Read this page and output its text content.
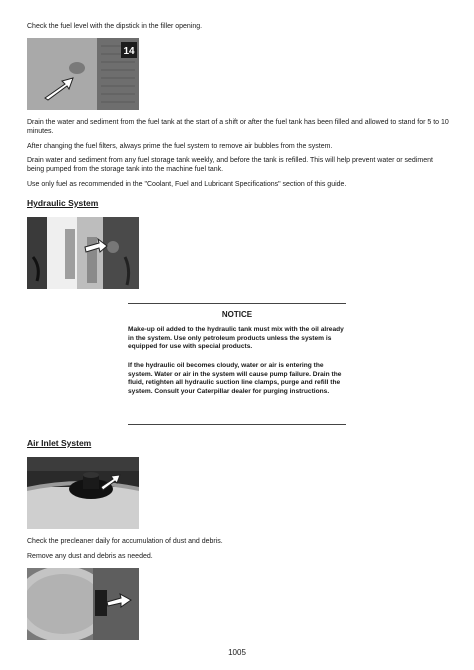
Check the fuel level with the dipstick in the filler opening.

14

Drain the water and sediment from the fuel tank at the start of a shift or after the fuel tank has been filled and allowed to stand for 5 to 10 minutes.

After changing the fuel filters, always prime the fuel system to remove air bubbles from the system.

Drain water and sediment from any fuel storage tank weekly, and before the tank is refilled. This will help prevent water or sediment being pumped from the storage tank into the machine fuel tank.

Use only fuel as recommended in the "Coolant, Fuel and Lubricant Specifications" section of this guide.

Hydraulic System

NOTICE

Make-up oil added to the hydraulic tank must mix with the oil already in the system. Use only petroleum products unless the system is equipped for use with special products.

If the hydraulic oil becomes cloudy, water or air is entering the system. Water or air in the system will cause pump failure. Drain the fluid, retighten all hydraulic suction line clamps, purge and refill the system. Consult your Caterpillar dealer for purging instructions.

Air Inlet System

Check the precleaner daily for accumulation of dust and debris.

Remove any dust and debris as needed.

1005
